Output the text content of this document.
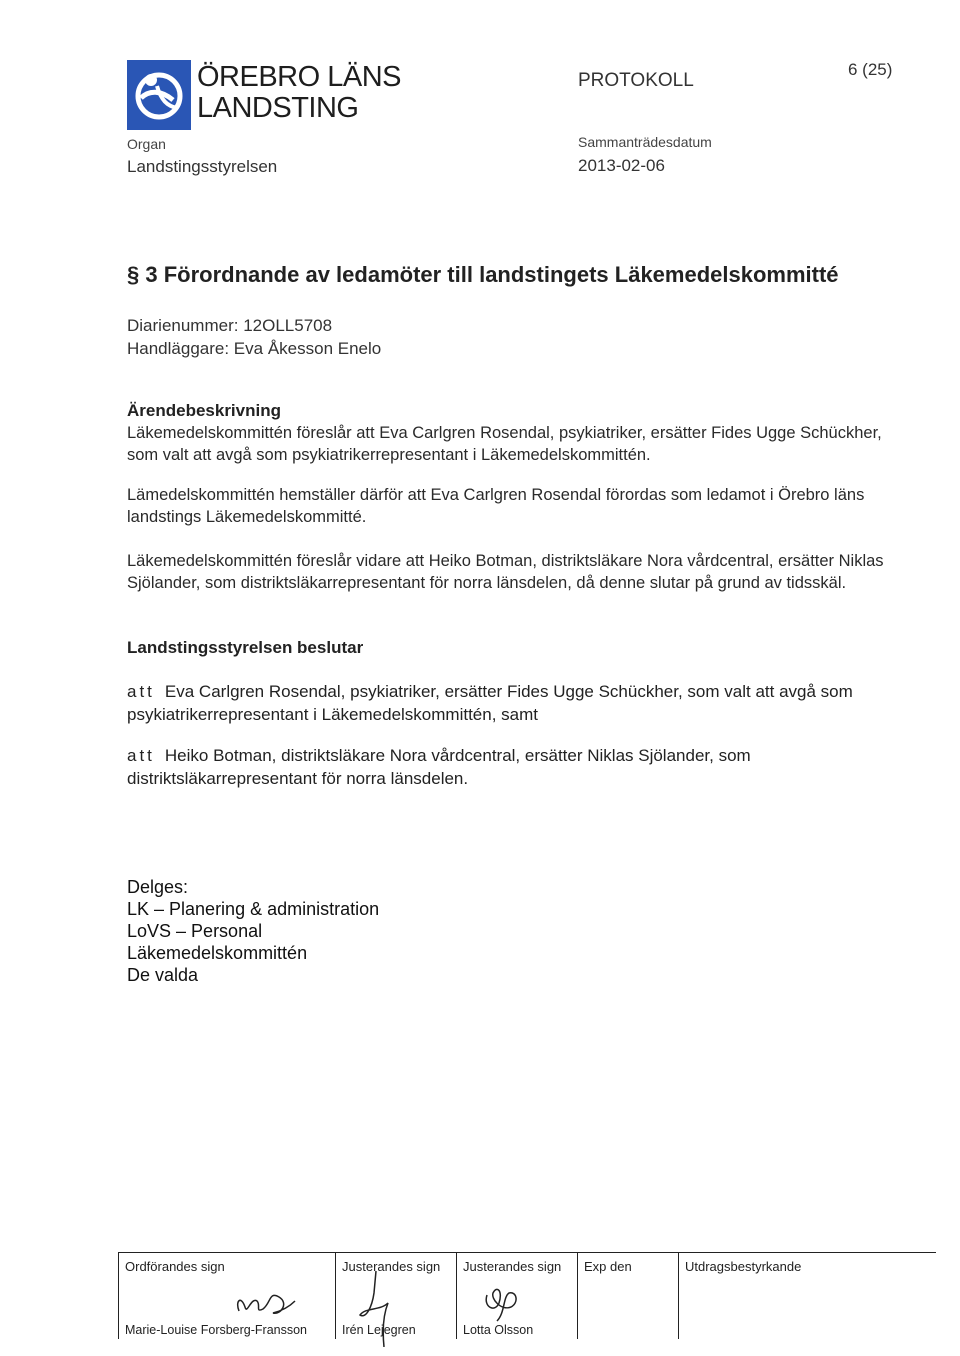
ÖREBRO LÄNS
LANDSTING
PROTOKOLL
6 (25)
Organ
Landstingsstyrelsen
Sammanträdesdatum
2013-02-06
§ 3 Förordnande av ledamöter till landstingets Läkemedelskommitté
Diarienummer: 12OLL5708
Handläggare: Eva Åkesson Enelo
Ärendebeskrivning

Läkemedelskommittén föreslår att Eva Carlgren Rosendal, psykiatriker, ersätter Fides Ugge Schückher, som valt att avgå som psykiatrikerrepresentant i Läkemedelskommittén.

Lämedelskommittén hemställer därför att Eva Carlgren Rosendal förordas som ledamot i Örebro läns landstings Läkemedelskommitté.

Läkemedelskommittén föreslår vidare att Heiko Botman, distriktsläkare Nora vårdcentral, ersätter Niklas Sjölander, som distriktsläkarrepresentant för norra länsdelen, då denne slutar på grund av tidsskäl.

Landstingsstyrelsen beslutar
att Eva Carlgren Rosendal, psykiatriker, ersätter Fides Ugge Schückher, som valt att avgå som psykiatrikerrepresentant i Läkemedelskommittén, samt
att Heiko Botman, distriktsläkare Nora vårdcentral, ersätter Niklas Sjölander, som distriktsläkarrepresentant för norra länsdelen.
Delges:
LK – Planering & administration
LoVS – Personal
Läkemedelskommittén
De valda
Ordförandes sign
Marie-Louise Forsberg-Fransson
Justerandes sign
Irén Lejegren
Justerandes sign
Lotta Olsson
Exp den	Utdragsbestyrkande
